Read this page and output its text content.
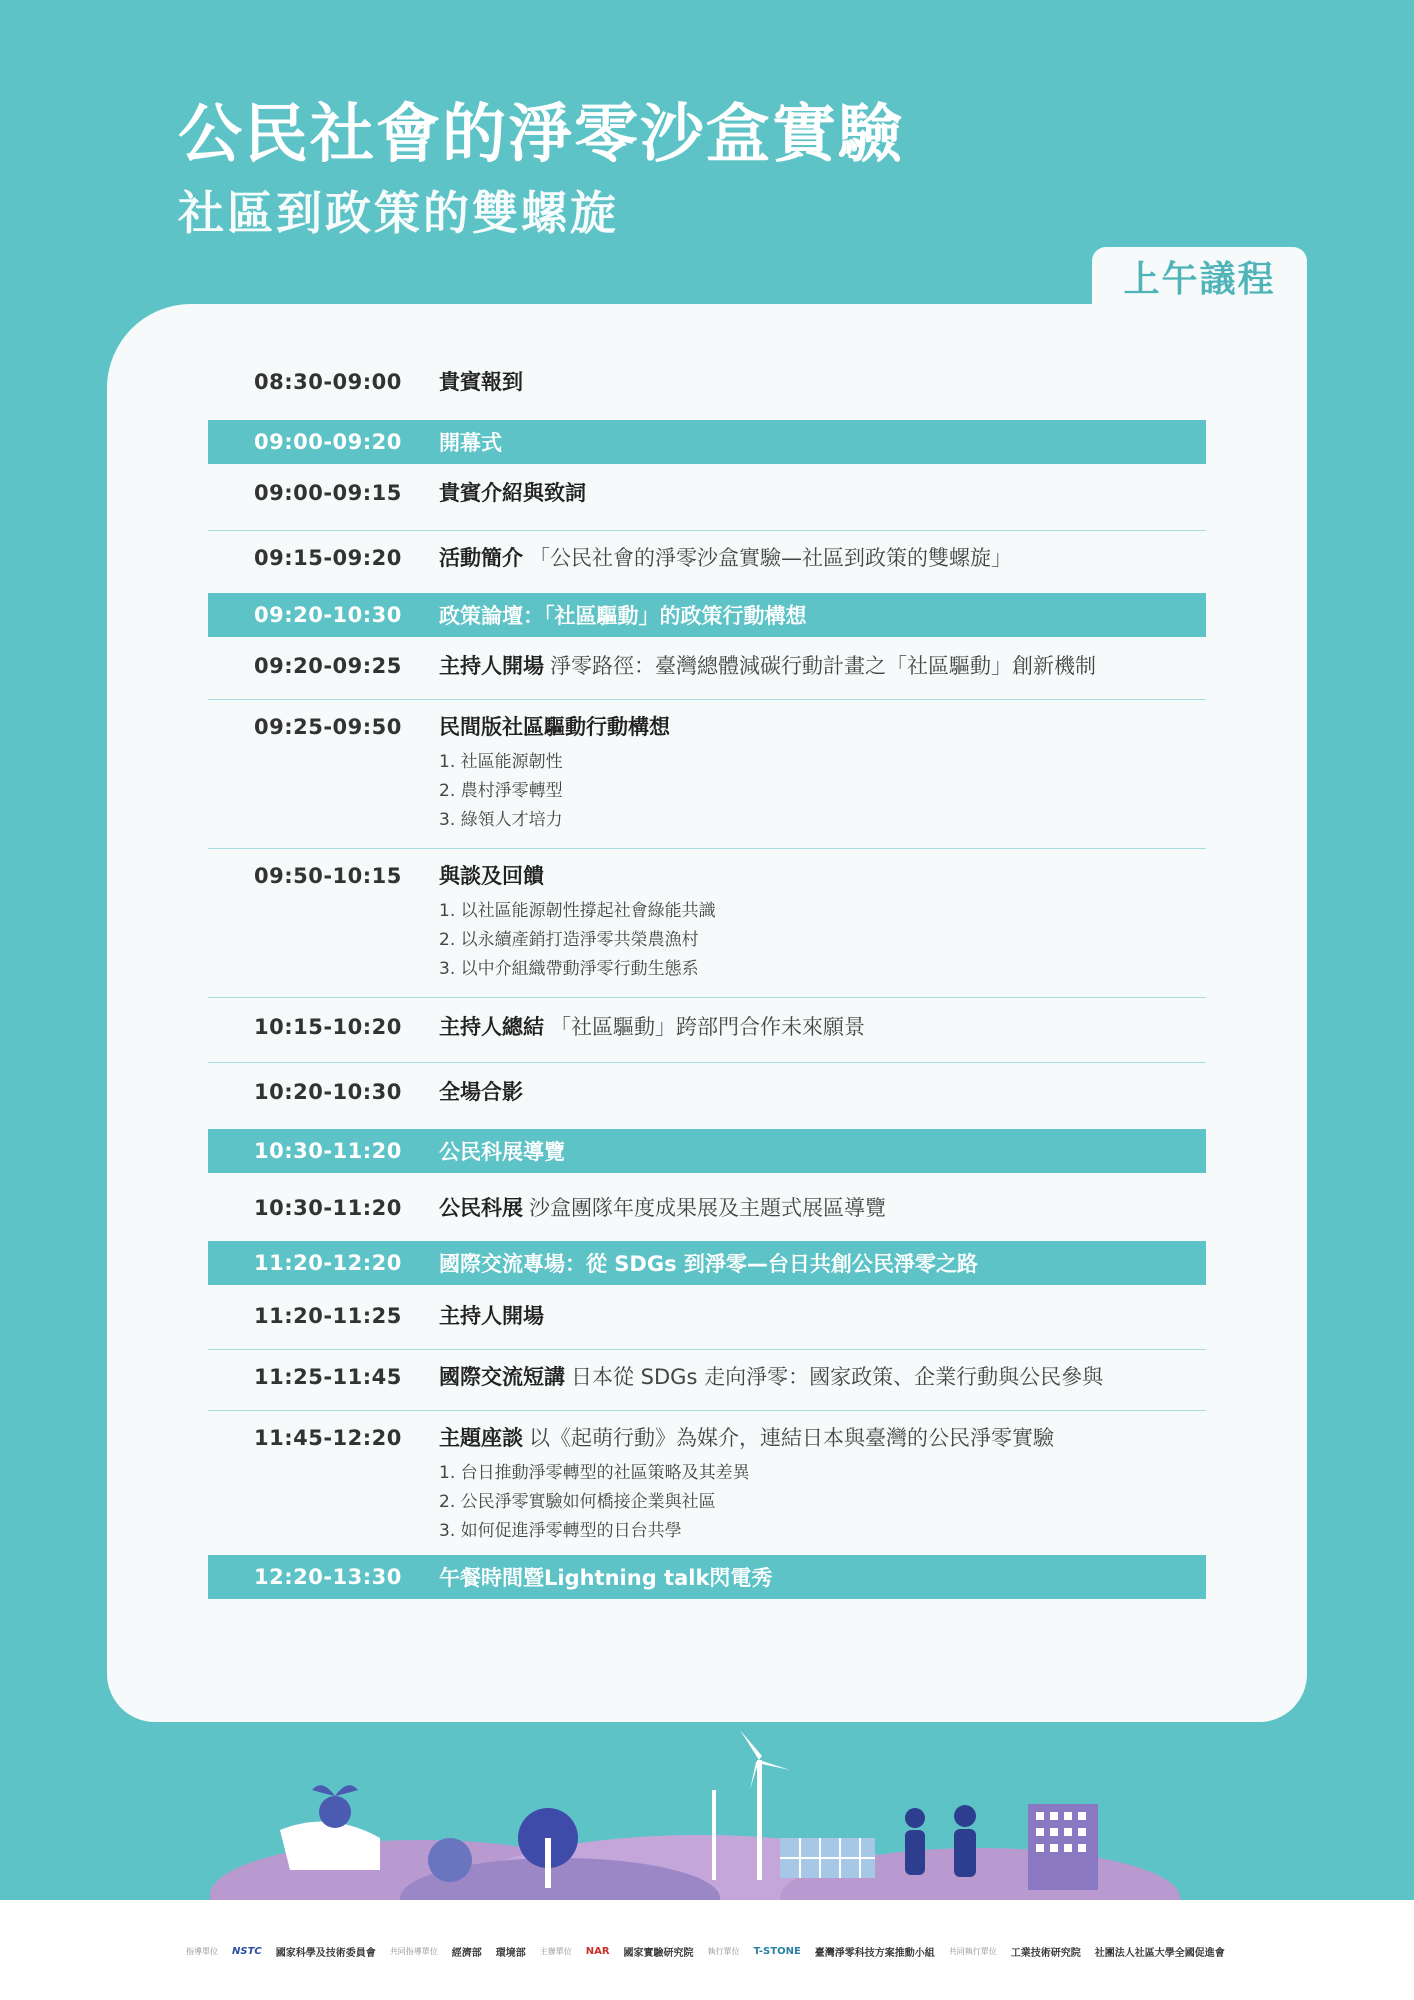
公民社會的淨零沙盒實驗
社區到政策的雙螺旋
上午議程
08:30-09:00	貴賓報到
09:00-09:20	開幕式
09:00-09:15	貴賓介紹與致詞
09:15-09:20	活動簡介 「公民社會的淨零沙盒實驗—社區到政策的雙螺旋」
09:20-10:30	政策論壇：「社區驅動」的政策行動構想
09:20-09:25	主持人開場 淨零路徑：臺灣總體減碳行動計畫之「社區驅動」創新機制
09:25-09:50	民間版社區驅動行動構想
1. 社區能源韌性
2. 農村淨零轉型
3. 綠領人才培力
09:50-10:15	與談及回饋
1. 以社區能源韌性撐起社會綠能共識
2. 以永續產銷打造淨零共榮農漁村
3. 以中介組織帶動淨零行動生態系
10:15-10:20	主持人總結 「社區驅動」跨部門合作未來願景
10:20-10:30	全場合影
10:30-11:20	公民科展導覽
10:30-11:20	公民科展 沙盒團隊年度成果展及主題式展區導覽
11:20-12:20	國際交流專場：從 SDGs 到淨零—台日共創公民淨零之路
11:20-11:25	主持人開場
11:25-11:45	國際交流短講 日本從 SDGs 走向淨零：國家政策、企業行動與公民參與
11:45-12:20	主題座談 以《起萌行動》為媒介，連結日本與臺灣的公民淨零實驗
1. 台日推動淨零轉型的社區策略及其差異
2. 公民淨零實驗如何橋接企業與社區
3. 如何促進淨零轉型的日台共學
12:20-13:30	午餐時間暨Lightning talk閃電秀
指導單位 NSTC 國家科學及技術委員會 共同指導單位 經濟部 環境部 主辦單位 NAR 國家實驗研究院 執行單位 T-STONE 臺灣淨零科技方案推動小組 共同執行單位 工業技術研究院 社團法人社區大學全國促進會
